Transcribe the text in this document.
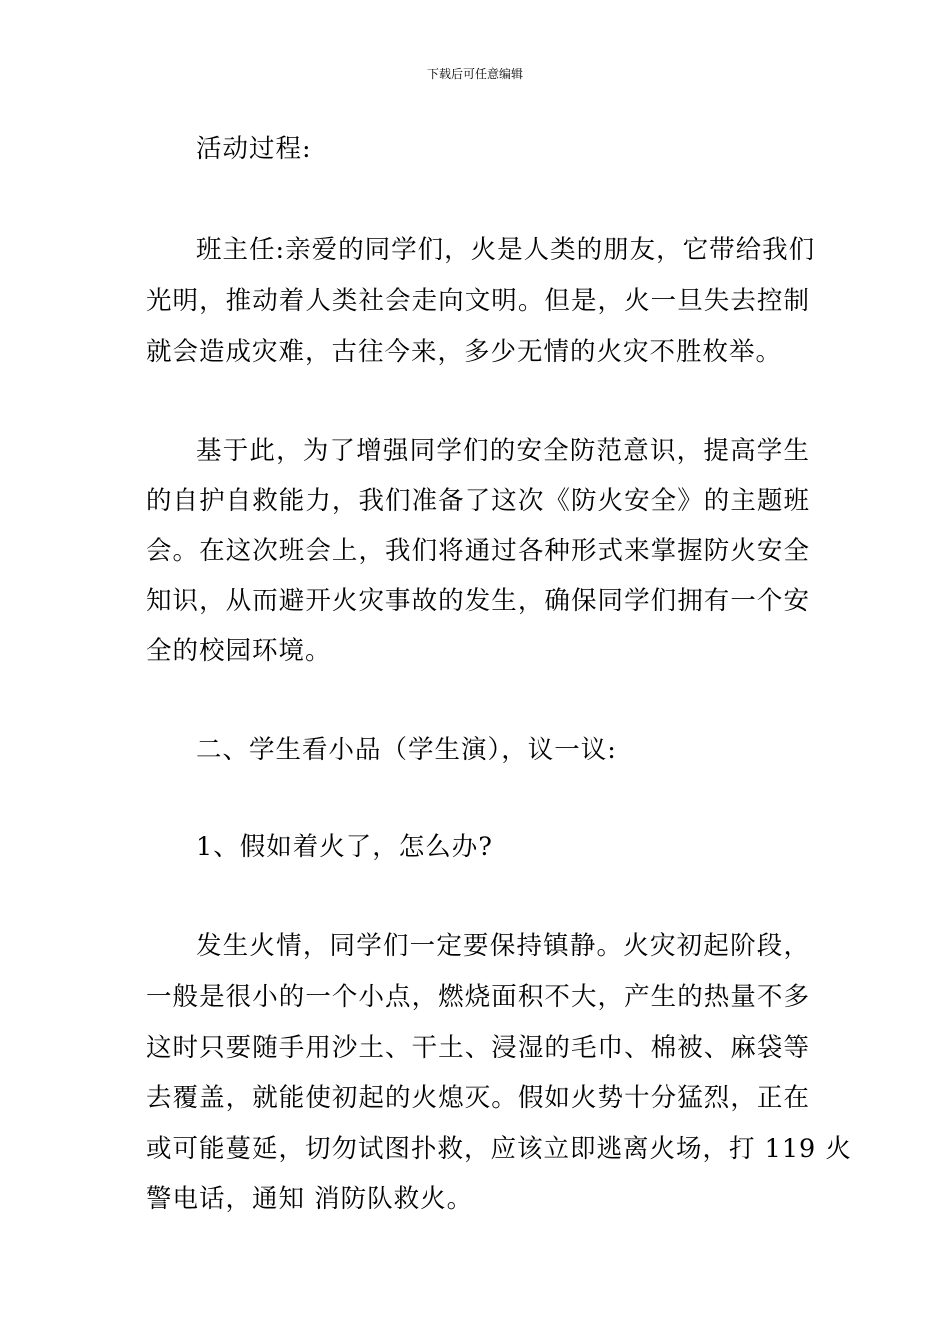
下载后可任意编辑
活动过程:
班主任:亲爱的同学们，火是人类的朋友，它带给我们
光明，推动着人类社会走向文明。但是，火一旦失去控制
就会造成灾难，古往今来，多少无情的火灾不胜枚举。
基于此，为了增强同学们的安全防范意识，提高学生
的自护自救能力，我们准备了这次《防火安全》的主题班
会。在这次班会上，我们将通过各种形式来掌握防火安全
知识，从而避开火灾事故的发生，确保同学们拥有一个安
全的校园环境。
二、学生看小品（学生演），议一议:
1、假如着火了，怎么办?
发生火情，同学们一定要保持镇静。火灾初起阶段，
一般是很小的一个小点，燃烧面积不大，产生的热量不多
这时只要随手用沙土、干土、浸湿的毛巾、棉被、麻袋等
去覆盖，就能使初起的火熄灭。假如火势十分猛烈，正在
或可能蔓延，切勿试图扑救，应该立即逃离火场，打 119 火
警电话，通知 消防队救火。
